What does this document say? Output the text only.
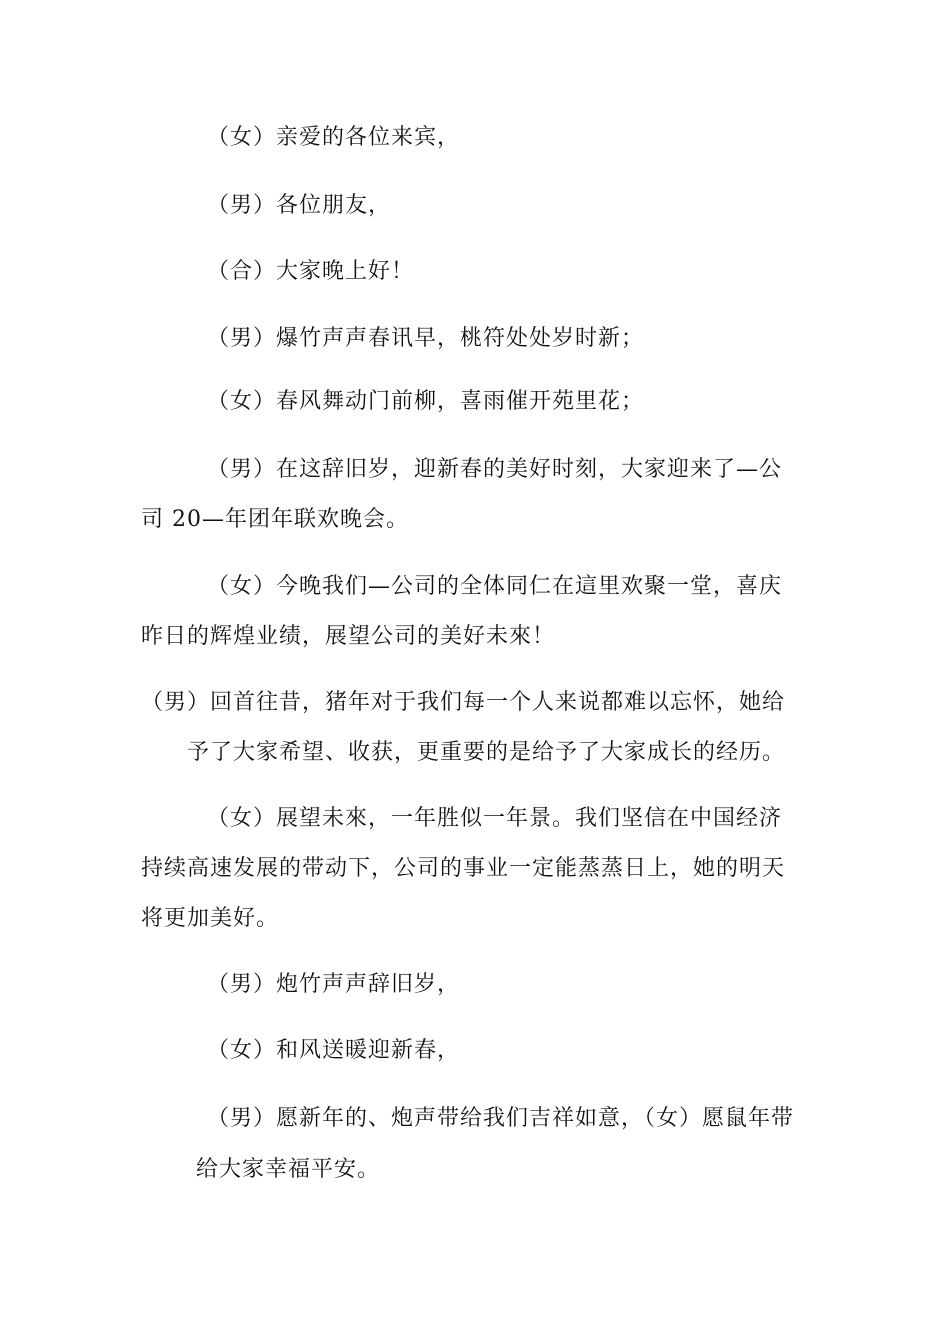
（女）亲爱的各位来宾，
（男）各位朋友，
（合）大家晚上好！
（男）爆竹声声春讯早，桃符处处岁时新；
（女）春风舞动门前柳，喜雨催开苑里花；
（男）在这辞旧岁，迎新春的美好时刻，大家迎来了—公
司 20—年团年联欢晚会。
（女）今晚我们—公司的全体同仁在這里欢聚一堂，喜庆
昨日的辉煌业绩，展望公司的美好未來！
（男）回首往昔，猪年对于我们每一个人来说都难以忘怀，她给
予了大家希望、收获，更重要的是给予了大家成长的经历。
（女）展望未來，一年胜似一年景。我们坚信在中国经济
持续高速发展的带动下，公司的事业一定能蒸蒸日上，她的明天
将更加美好。
（男）炮竹声声辞旧岁，
（女）和风送暖迎新春，
（男）愿新年的、炮声带给我们吉祥如意，（女）愿鼠年带
给大家幸福平安。
